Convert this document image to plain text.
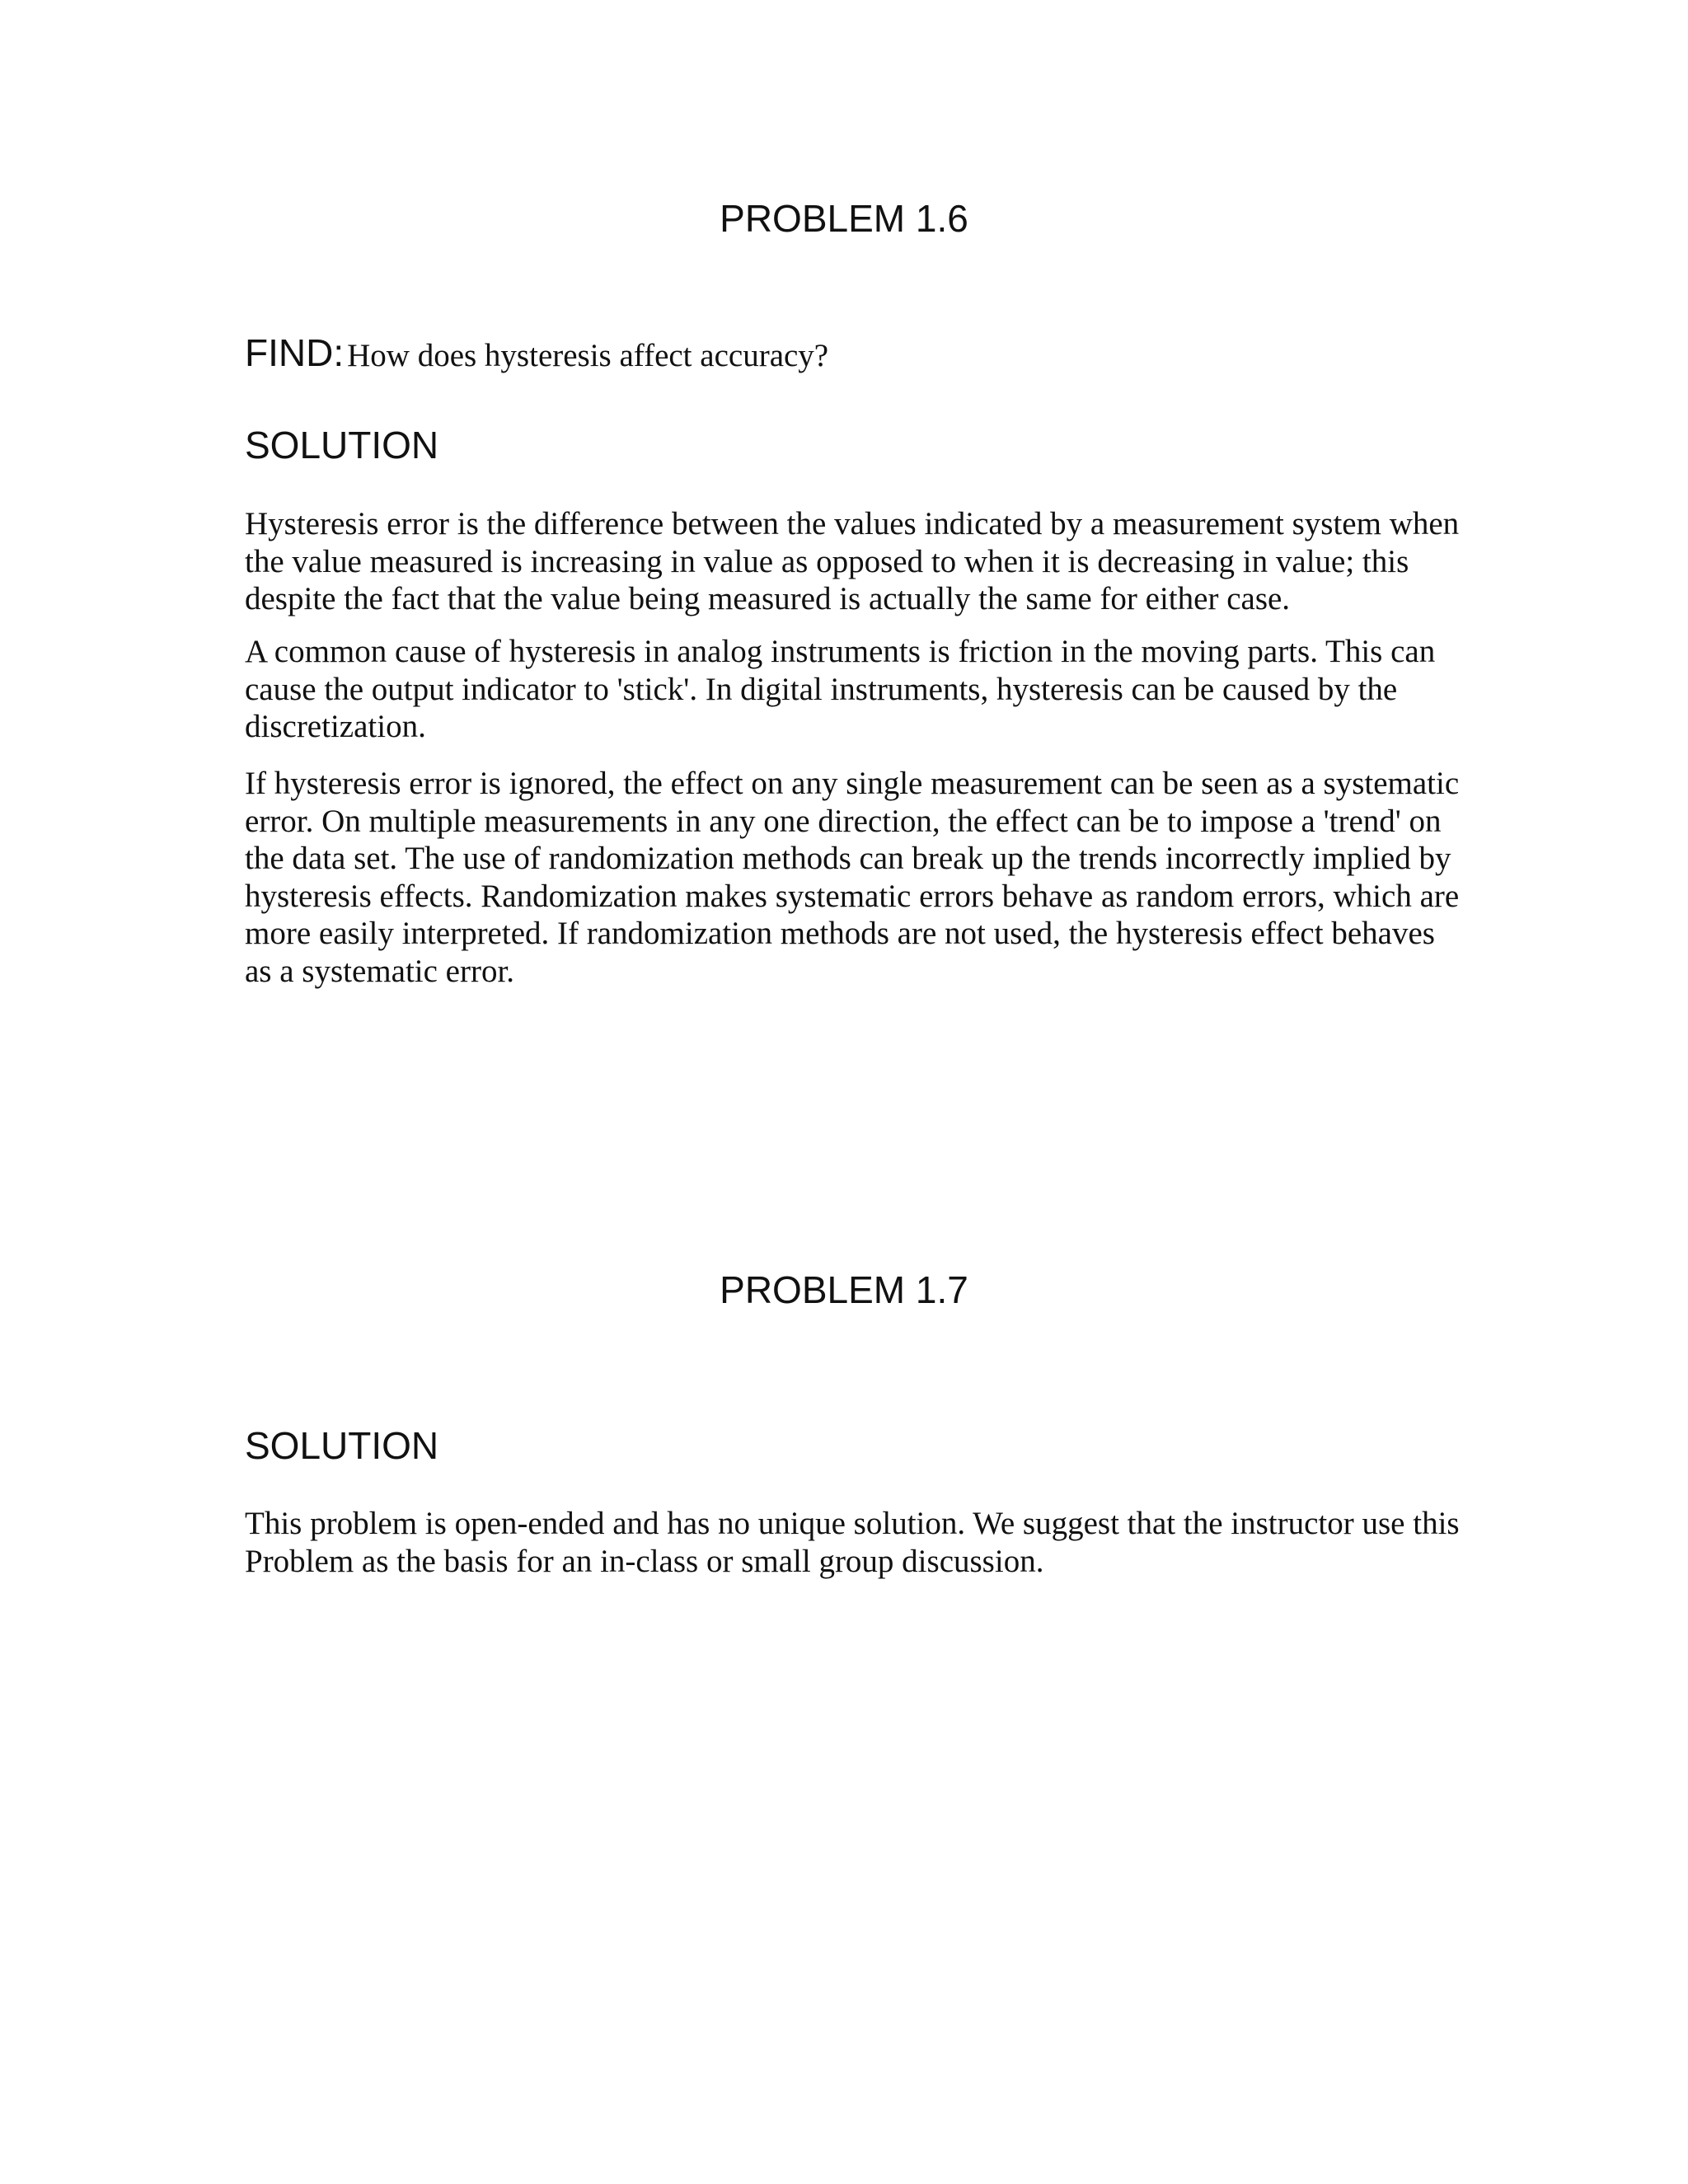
PROBLEM 1.6

FIND: How does hysteresis affect accuracy?

SOLUTION

Hysteresis error is the difference between the values indicated by a measurement system when the value measured is increasing in value as opposed to when it is decreasing in value; this despite the fact that the value being measured is actually the same for either case.

A common cause of hysteresis in analog instruments is friction in the moving parts. This can cause the output indicator to 'stick'. In digital instruments, hysteresis can be caused by the discretization.

If hysteresis error is ignored, the effect on any single measurement can be seen as a systematic error. On multiple measurements in any one direction, the effect can be to impose a 'trend' on the data set. The use of randomization methods can break up the trends incorrectly implied by hysteresis effects. Randomization makes systematic errors behave as random errors, which are more easily interpreted. If randomization methods are not used, the hysteresis effect behaves as a systematic error.

PROBLEM 1.7
SOLUTION

This problem is open-ended and has no unique solution. We suggest that the instructor use this Problem as the basis for an in-class or small group discussion.
